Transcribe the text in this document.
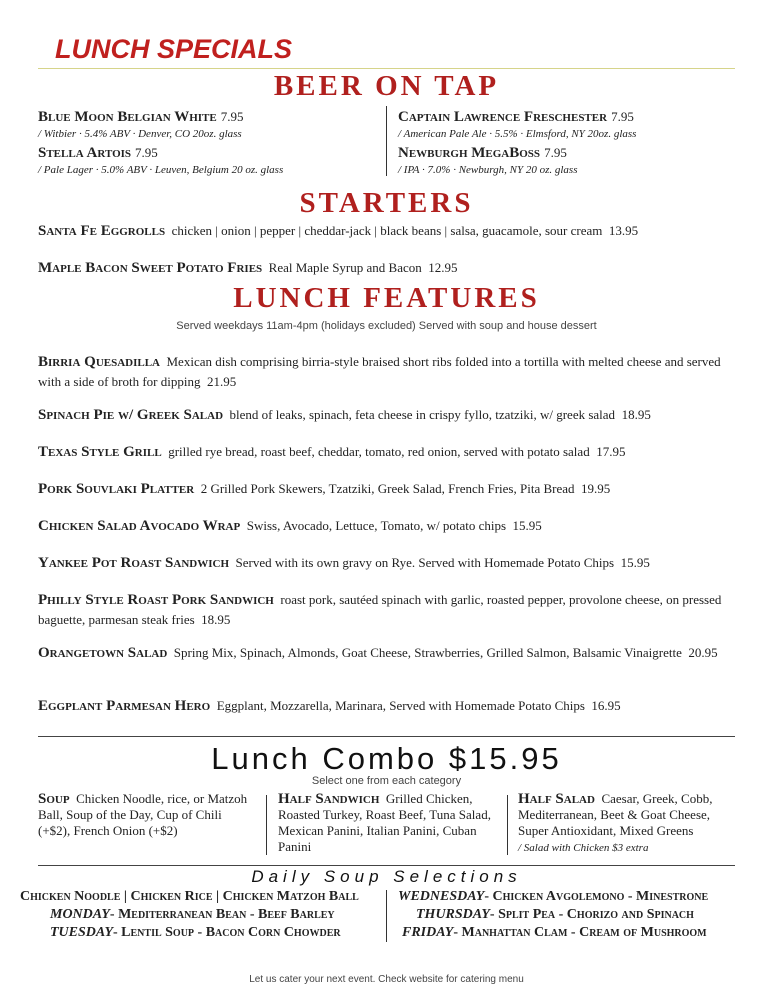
LUNCH SPECIALS
BEER ON TAP
Blue Moon Belgian White 7.95
/ Witbier · 5.4% ABV · Denver, CO 20oz. glass
Stella Artois 7.95
/ Pale Lager · 5.0% ABV · Leuven, Belgium 20 oz. glass
Captain Lawrence Freschester 7.95
/ American Pale Ale · 5.5% · Elmsford, NY 20oz. glass
Newburgh MegaBoss 7.95
/ IPA · 7.0% · Newburgh, NY 20 oz. glass
STARTERS
Santa Fe Eggrolls chicken | onion | pepper | cheddar-jack | black beans | salsa, guacamole, sour cream 13.95
Maple Bacon Sweet Potato Fries Real Maple Syrup and Bacon 12.95
LUNCH FEATURES
Served weekdays 11am-4pm (holidays excluded) Served with soup and house dessert
Birria Quesadilla Mexican dish comprising birria-style braised short ribs folded into a tortilla with melted cheese and served with a side of broth for dipping 21.95
Spinach Pie w/ Greek Salad blend of leaks, spinach, feta cheese in crispy fyllo, tzatziki, w/ greek salad 18.95
Texas Style Grill grilled rye bread, roast beef, cheddar, tomato, red onion, served with potato salad 17.95
Pork Souvlaki Platter 2 Grilled Pork Skewers, Tzatziki, Greek Salad, French Fries, Pita Bread 19.95
Chicken Salad Avocado Wrap Swiss, Avocado, Lettuce, Tomato, w/ potato chips 15.95
Yankee Pot Roast Sandwich Served with its own gravy on Rye. Served with Homemade Potato Chips 15.95
Philly Style Roast Pork Sandwich roast pork, sautéed spinach with garlic, roasted pepper, provolone cheese, on pressed baguette, parmesan steak fries 18.95
Orangetown Salad Spring Mix, Spinach, Almonds, Goat Cheese, Strawberries, Grilled Salmon, Balsamic Vinaigrette 20.95
Eggplant Parmesan Hero Eggplant, Mozzarella, Marinara, Served with Homemade Potato Chips 16.95
Lunch Combo $15.95
Select one from each category
Soup Chicken Noodle, rice, or Matzoh Ball, Soup of the Day, Cup of Chili (+$2), French Onion (+$2)
Half Sandwich Grilled Chicken, Roasted Turkey, Roast Beef, Tuna Salad, Mexican Panini, Italian Panini, Cuban Panini
Half Salad Caesar, Greek, Cobb, Mediterranean, Beet & Goat Cheese, Super Antioxidant, Mixed Greens
/ Salad with Chicken $3 extra
Daily Soup Selections
Chicken Noodle | Chicken Rice | Chicken Matzoh Ball
MONDAY- Mediterranean Bean - Beef Barley
TUESDAY- Lentil Soup - Bacon Corn Chowder
WEDNESDAY- Chicken Avgolemono - Minestrone
THURSDAY- Split Pea - Chorizo and Spinach
FRIDAY- Manhattan Clam - Cream of Mushroom
Let us cater your next event. Check website for catering menu
